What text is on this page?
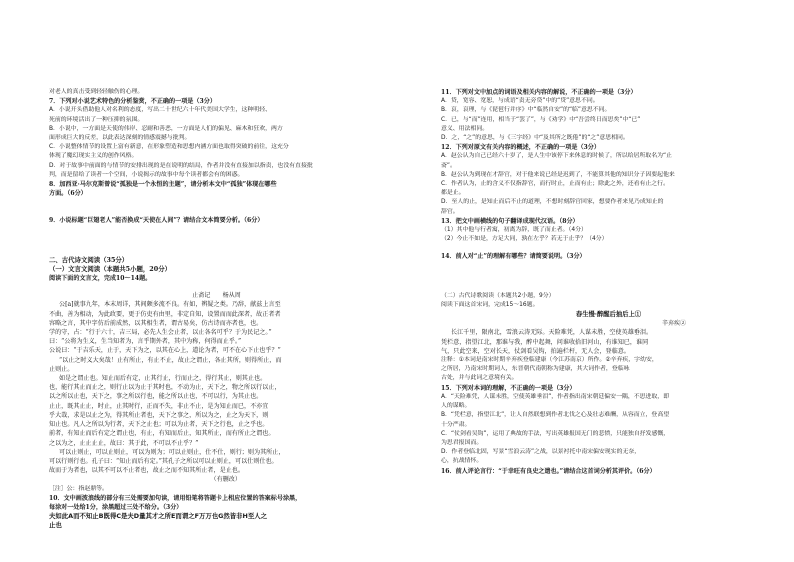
对老人的真击受到轻轻触伤的心理。
7．下列对小说艺术特色的分析鉴赏，不正确的一项是（3分）
A．小说开头借助他人对名利的态度，写出二十世纪六十年代美国大学生，这种明轻、
死前的环境活出了一种压抑的氛围。
B．小说中，一方面是天使的伟岸、忍耐和善恶，一方面是人们的偏见、麻木和狂欢，两方
面形成巨大的反差，以此表达深刻的情感震撼与批判。
C．小说整体情节的设置上富有新意，在形象塑造和思想内涵方面也取得突破的前往，这充分
体现了魔幻现实主义的创作风格。
D．对于故事中前面的与情节的安排出现的是在说明的结局，作者并没有直接加以指责，也没有直接批
判，而是留给了读者一个空间，小说揭示的故事中每个读者都会有的困惑。
8．加西亚·马尔克斯曾说“孤独是一个永恒的主题”，请分析本文中“孤独”体现在哪些
方面。（6分）
9．小说标题“巨翅老人”能否换成“天使在人间”？请结合文本简要分析。（6分）
二、古代诗文阅读（35分）
（一）文言文阅读（本题共5小题，20分）
阅读下面的文言文，完成10～14题。
止斋记　　杨从周
公[a]就事九年，本末周详，其间颇多流不良。有如，辨疑之类。乃辞，献兹上言至
不曲，善为相动，为此政要，更于仿吏有由里，非定自知，设置而而此深者，故正者者
容略之言，其中字仿后前成然，以其相生者，谓古易矣，仿古诗而亦者也，也。
学的守，占：“行于六十，吉三局，必先人生会止者，以止各名可乎？于为民记之。”
曰：“公将为生义，生当知者为，言乎期外者，其中为称，何得而止乎。”
公说曰：“于吉乐天，止于，天下为之，以其在心上，道论为者，可不在心下止也乎？”
“以止之时义大矣哉！止有所止，有止不止，故止之谓止，各止其所，则得所止，而
止则止。
如是之谓止也。知止而后有定，止其行止，行而止之，得行其止，则其止也。
也，能行其止而止之，则行止以为止于其时也，不动为止，天下之，物之所以行以止，
以之所以止也，天下之，事之所以行也，能之所以止也，不可以行，为其止也。
止止，既其止止，时止，止其时行，正而不失，非止不止，是为知止而已，不亦宜
乎大哉，求是以止之为，得其所止者也，天下之事之，所以为之，止之为天下，则
知止也。凡人之所以为行者，天下之止也；可以为止者，天下之行也，止之乎也。
前者，有知止而后有定之谓止也，有止，有知而后止，知其所止，而有所止之谓也。
之以为之，止止止止，故曰：其于此，不可以不止乎？”
可以止则止，可以止则止，可以为则为；可以止则止，仕不仕，则行；则为其所止，
可以行则行也。孔子曰：“知止而后有定。”其孔子之所以可以止则止，可以仕则仕也。
故而于为者也，以其不可以不止者也，故止之而不知其所止者，是止也。
　　　　　　　　　　　　　　　　　　　　　　　　　　　（有删改）
［注］公：指赵鼎等。
10．文中画波浪线的部分有三处需要加句读，请用铅笔将答题卡上相应位置的答案标号涂黑，
每涂对一处给1分，涂黑超过三处不给分。（3分）
夫如此A而不知止B既得C是夫D量其才之所E而谓之F万万也G然皆非H至人之
止也
11．下列对文中加点的词语及相关内容的解说，不正确的一项是（3分）
A．贷，宽容、宽恕，与成语“责无旁贷”中的“贷”意思不同。
B．哀，哀理，与《琵琶行并序》中“临然自安”的“临”意思不同。
C．已，与“而”连用，相当于“罢了”，与《劝学》中“吾尝终日而思矣”中“已”
意义、用法相同。
D．之，“之”的意思，与《三字经》中“及其所之既倦”的“之”意思相同。
12．下列对原文有关内容的概述，不正确的一项是（3分）
A．赵公认为自己已经六十岁了，是人生中该停下来休息的时候了，所以给居所取名为“止
斋”。
B．赵公认为到现在才辞官，对于他来说已经是迟到了，不能算其他的知识分子因要起他来
C．作者认为，止的含义不仅指辞官，而行时止，止而有止；除此之外，还看有止之行。
都是止。
D．至人的止，是知止而后不止的道理，不想时刻辞官回家，想要作者来见乃成知止的
辞官。
13．把文中画横线的句子翻译成现代汉语。（8分）
（1）其中他与行者寓，初离为辞，既了而止者。（4分）
（2）今止不如是，方足大同，孰在左乎？若无于止乎？（4分）
14．前人对“止”的理解有哪些？请简要说明。（3分）
（二）古代诗歌阅读（本题共2小题，9分）
阅读下面这首宋词，完成15～16题。
春生慢·醉醒后抽后上①
辛弃疾②
长江千里，限南北，雪浪云涛无际。天险难凭，人谋未胜，空使英雄垂泪。
凭栏意，指望江北，那谁与我，醉中起舞，问谁收拾旧河山，有谁知已，谁同
气，只此空来，空对长天，仗剑看吴钩，拍遍栏杆，无人会，登临意。
注释：①本词是南宋时期辛弃疾登临建康（今江苏南京）所作。②辛弃疾，字幼安，
之所居，乃南宋时期词人，东晋朝代南朝称为建康，其大词作者，登临咏
古处，并与此词之意境有关。
15．下列对本词的理解，不正确的一项是（3分）
A．“天险难凭，人谋未胜，空使英雄垂泪”，作者指出南宋朝廷偏安一隅，不思进取，即
人的谋略。
B．“凭栏意，指望江北”，让人自然联想到作者北伐之心及壮志难酬，从容而立，登高望
十分严肃。
C．“仗剑看吴钩”，运用了典故的手法，写出英雄报国无门的悲愤，只能独自抒发感慨，
为思君报国而。
D．作者登临北固，写景“雪浪云涛”之战，以景衬托中南宋偏安现实的无奈，
心，抗战情怀。
16．前人评论言行：“于幸旺有良史之遗也。”请结合这首词分析其评价。（6分）
